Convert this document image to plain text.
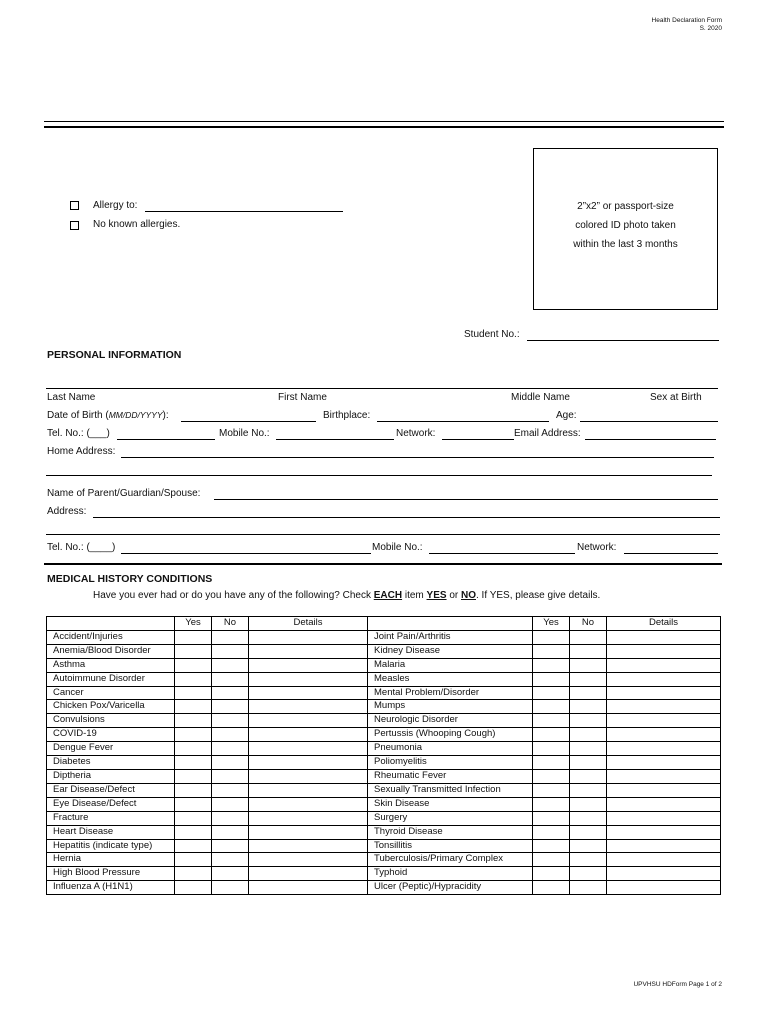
Health Declaration Form
S. 2020
Allergy to:
No known allergies.
2”x2” or passport-size
colored ID photo taken
within the last 3 months
Student No.:
PERSONAL INFORMATION
Last Name	First Name	Middle Name	Sex at Birth
Date of Birth (MM/DD/YYYY):	Birthplace:	Age:
Tel. No.: (___)	Mobile No.:	Network:	Email Address:
Home Address:
Name of Parent/Guardian/Spouse:
Address:
Tel. No.: (____)	Mobile No.:	Network:
MEDICAL HISTORY CONDITIONS
Have you ever had or do you have any of the following? Check EACH item YES or NO. If YES, please give details.
	Yes	No	Details		Yes	No	Details
Accident/Injuries				Joint Pain/Arthritis			
Anemia/Blood Disorder				Kidney Disease			
Asthma				Malaria			
Autoimmune Disorder				Measles			
Cancer				Mental Problem/Disorder			
Chicken Pox/Varicella				Mumps			
Convulsions				Neurologic Disorder			
COVID-19				Pertussis (Whooping Cough)			
Dengue Fever				Pneumonia			
Diabetes				Poliomyelitis			
Diptheria				Rheumatic Fever			
Ear Disease/Defect				Sexually Transmitted Infection			
Eye Disease/Defect				Skin Disease			
Fracture				Surgery			
Heart Disease				Thyroid Disease			
Hepatitis (indicate type)				Tonsillitis			
Hernia				Tuberculosis/Primary Complex			
High Blood Pressure				Typhoid			
Influenza A (H1N1)				Ulcer (Peptic)/Hypracidity			
UPVHSU HDForm Page 1 of 2
